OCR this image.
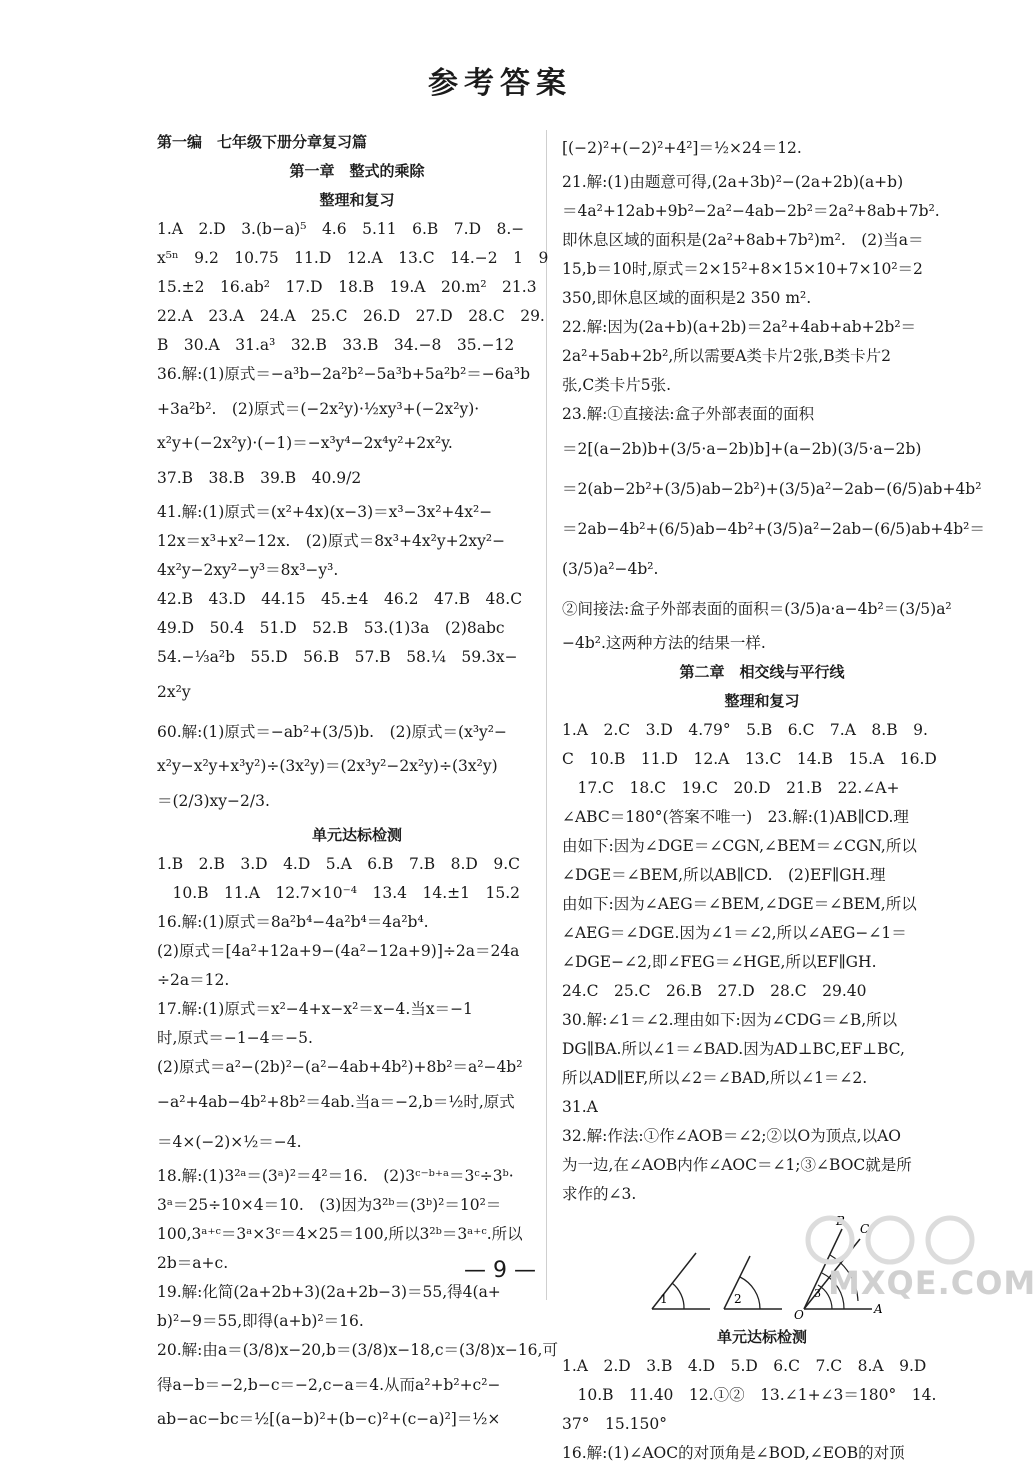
参考答案
第一编　七年级下册分章复习篇
第一章　整式的乘除
整理和复习
1.A　2.D　3.(b−a)⁵　4.6　5.11　6.B　7.D　8.−
x⁵ⁿ　9.2　10.75　11.D　12.A　13.C　14.−2　1　9
15.±2　16.ab²　17.D　18.B　19.A　20.m²　21.3
22.A　23.A　24.A　25.C　26.D　27.D　28.C　29.
B　30.A　31.a³　32.B　33.B　34.−8　35.−12
36.解:(1)原式＝−a³b−2a²b²−5a³b+5a²b²＝−6a³b
+3a²b².　(2)原式＝(−2x²y)·½xy³+(−2x²y)·
x²y+(−2x²y)·(−1)＝−x³y⁴−2x⁴y²+2x²y.
37.B　38.B　39.B　40.9/2
41.解:(1)原式＝(x²+4x)(x−3)＝x³−3x²+4x²−
12x＝x³+x²−12x.　(2)原式＝8x³+4x²y+2xy²−
4x²y−2xy²−y³＝8x³−y³.
42.B　43.D　44.15　45.±4　46.2　47.B　48.C
49.D　50.4　51.D　52.B　53.(1)3a　(2)8abc
54.−⅓a²b　55.D　56.B　57.B　58.¼　59.3x−
2x²y
60.解:(1)原式＝−ab²+(3/5)b.　(2)原式＝(x³y²−
x²y−x²y+x³y²)÷(3x²y)＝(2x³y²−2x²y)÷(3x²y)
＝(2/3)xy−2/3.
单元达标检测
1.B　2.B　3.D　4.D　5.A　6.B　7.B　8.D　9.C
　10.B　11.A　12.7×10⁻⁴　13.4　14.±1　15.2
16.解:(1)原式＝8a²b⁴−4a²b⁴＝4a²b⁴.
(2)原式＝[4a²+12a+9−(4a²−12a+9)]÷2a＝24a
÷2a＝12.
17.解:(1)原式＝x²−4+x−x²＝x−4.当x＝−1
时,原式＝−1−4＝−5.
(2)原式＝a²−(2b)²−(a²−4ab+4b²)+8b²＝a²−4b²
−a²+4ab−4b²+8b²＝4ab.当a＝−2,b＝½时,原式
＝4×(−2)×½＝−4.
18.解:(1)3²ᵃ＝(3ᵃ)²＝4²＝16.　(2)3ᶜ⁻ᵇ⁺ᵃ＝3ᶜ÷3ᵇ·
3ᵃ＝25÷10×4＝10.　(3)因为3²ᵇ＝(3ᵇ)²＝10²＝
100,3ᵃ⁺ᶜ＝3ᵃ×3ᶜ＝4×25＝100,所以3²ᵇ＝3ᵃ⁺ᶜ.所以
2b＝a+c.
19.解:化简(2a+2b+3)(2a+2b−3)＝55,得4(a+
b)²−9＝55,即得(a+b)²＝16.
20.解:由a＝(3/8)x−20,b＝(3/8)x−18,c＝(3/8)x−16,可
得a−b＝−2,b−c＝−2,c−a＝4.从而a²+b²+c²−
ab−ac−bc＝½[(a−b)²+(b−c)²+(c−a)²]＝½×
[(−2)²+(−2)²+4²]＝½×24＝12.
21.解:(1)由题意可得,(2a+3b)²−(2a+2b)(a+b)
＝4a²+12ab+9b²−2a²−4ab−2b²＝2a²+8ab+7b².
即休息区域的面积是(2a²+8ab+7b²)m².　(2)当a＝
15,b＝10时,原式＝2×15²+8×15×10+7×10²＝2
350,即休息区域的面积是2 350 m².
22.解:因为(2a+b)(a+2b)＝2a²+4ab+ab+2b²＝
2a²+5ab+2b²,所以需要A类卡片2张,B类卡片2
张,C类卡片5张.
23.解:①直接法:盒子外部表面的面积
＝2[(a−2b)b+(3/5·a−2b)b]+(a−2b)(3/5·a−2b)
＝2(ab−2b²+(3/5)ab−2b²)+(3/5)a²−2ab−(6/5)ab+4b²
＝2ab−4b²+(6/5)ab−4b²+(3/5)a²−2ab−(6/5)ab+4b²＝
(3/5)a²−4b².
②间接法:盒子外部表面的面积＝(3/5)a·a−4b²＝(3/5)a²
−4b².这两种方法的结果一样.
第二章　相交线与平行线
整理和复习
1.A　2.C　3.D　4.79°　5.B　6.C　7.A　8.B　9.
C　10.B　11.D　12.A　13.C　14.B　15.A　16.D
　17.C　18.C　19.C　20.D　21.B　22.∠A+
∠ABC＝180°(答案不唯一)　23.解:(1)AB∥CD.理
由如下:因为∠DGE＝∠CGN,∠BEM＝∠CGN,所以
∠DGE＝∠BEM,所以AB∥CD.　(2)EF∥GH.理
由如下:因为∠AEG＝∠BEM,∠DGE＝∠BEM,所以
∠AEG＝∠DGE.因为∠1＝∠2,所以∠AEG−∠1＝
∠DGE−∠2,即∠FEG＝∠HGE,所以EF∥GH.
24.C　25.C　26.B　27.D　28.C　29.40
30.解:∠1＝∠2.理由如下:因为∠CDG＝∠B,所以
DG∥BA.所以∠1＝∠BAD.因为AD⊥BC,EF⊥BC,
所以AD∥EF,所以∠2＝∠BAD,所以∠1＝∠2.
31.A
32.解:作法:①作∠AOB＝∠2;②以O为顶点,以AO
为一边,在∠AOB内作∠AOC＝∠1;③∠BOC就是所
求作的∠3.
1	2	3
B
C
O	A
单元达标检测
1.A　2.D　3.B　4.D　5.D　6.C　7.C　8.A　9.D
　10.B　11.40　12.①②　13.∠1+∠3＝180°　14.
37°　15.150°
16.解:(1)∠AOC的对顶角是∠BOD,∠EOB的对顶
— 9 —	MXQE.COM
